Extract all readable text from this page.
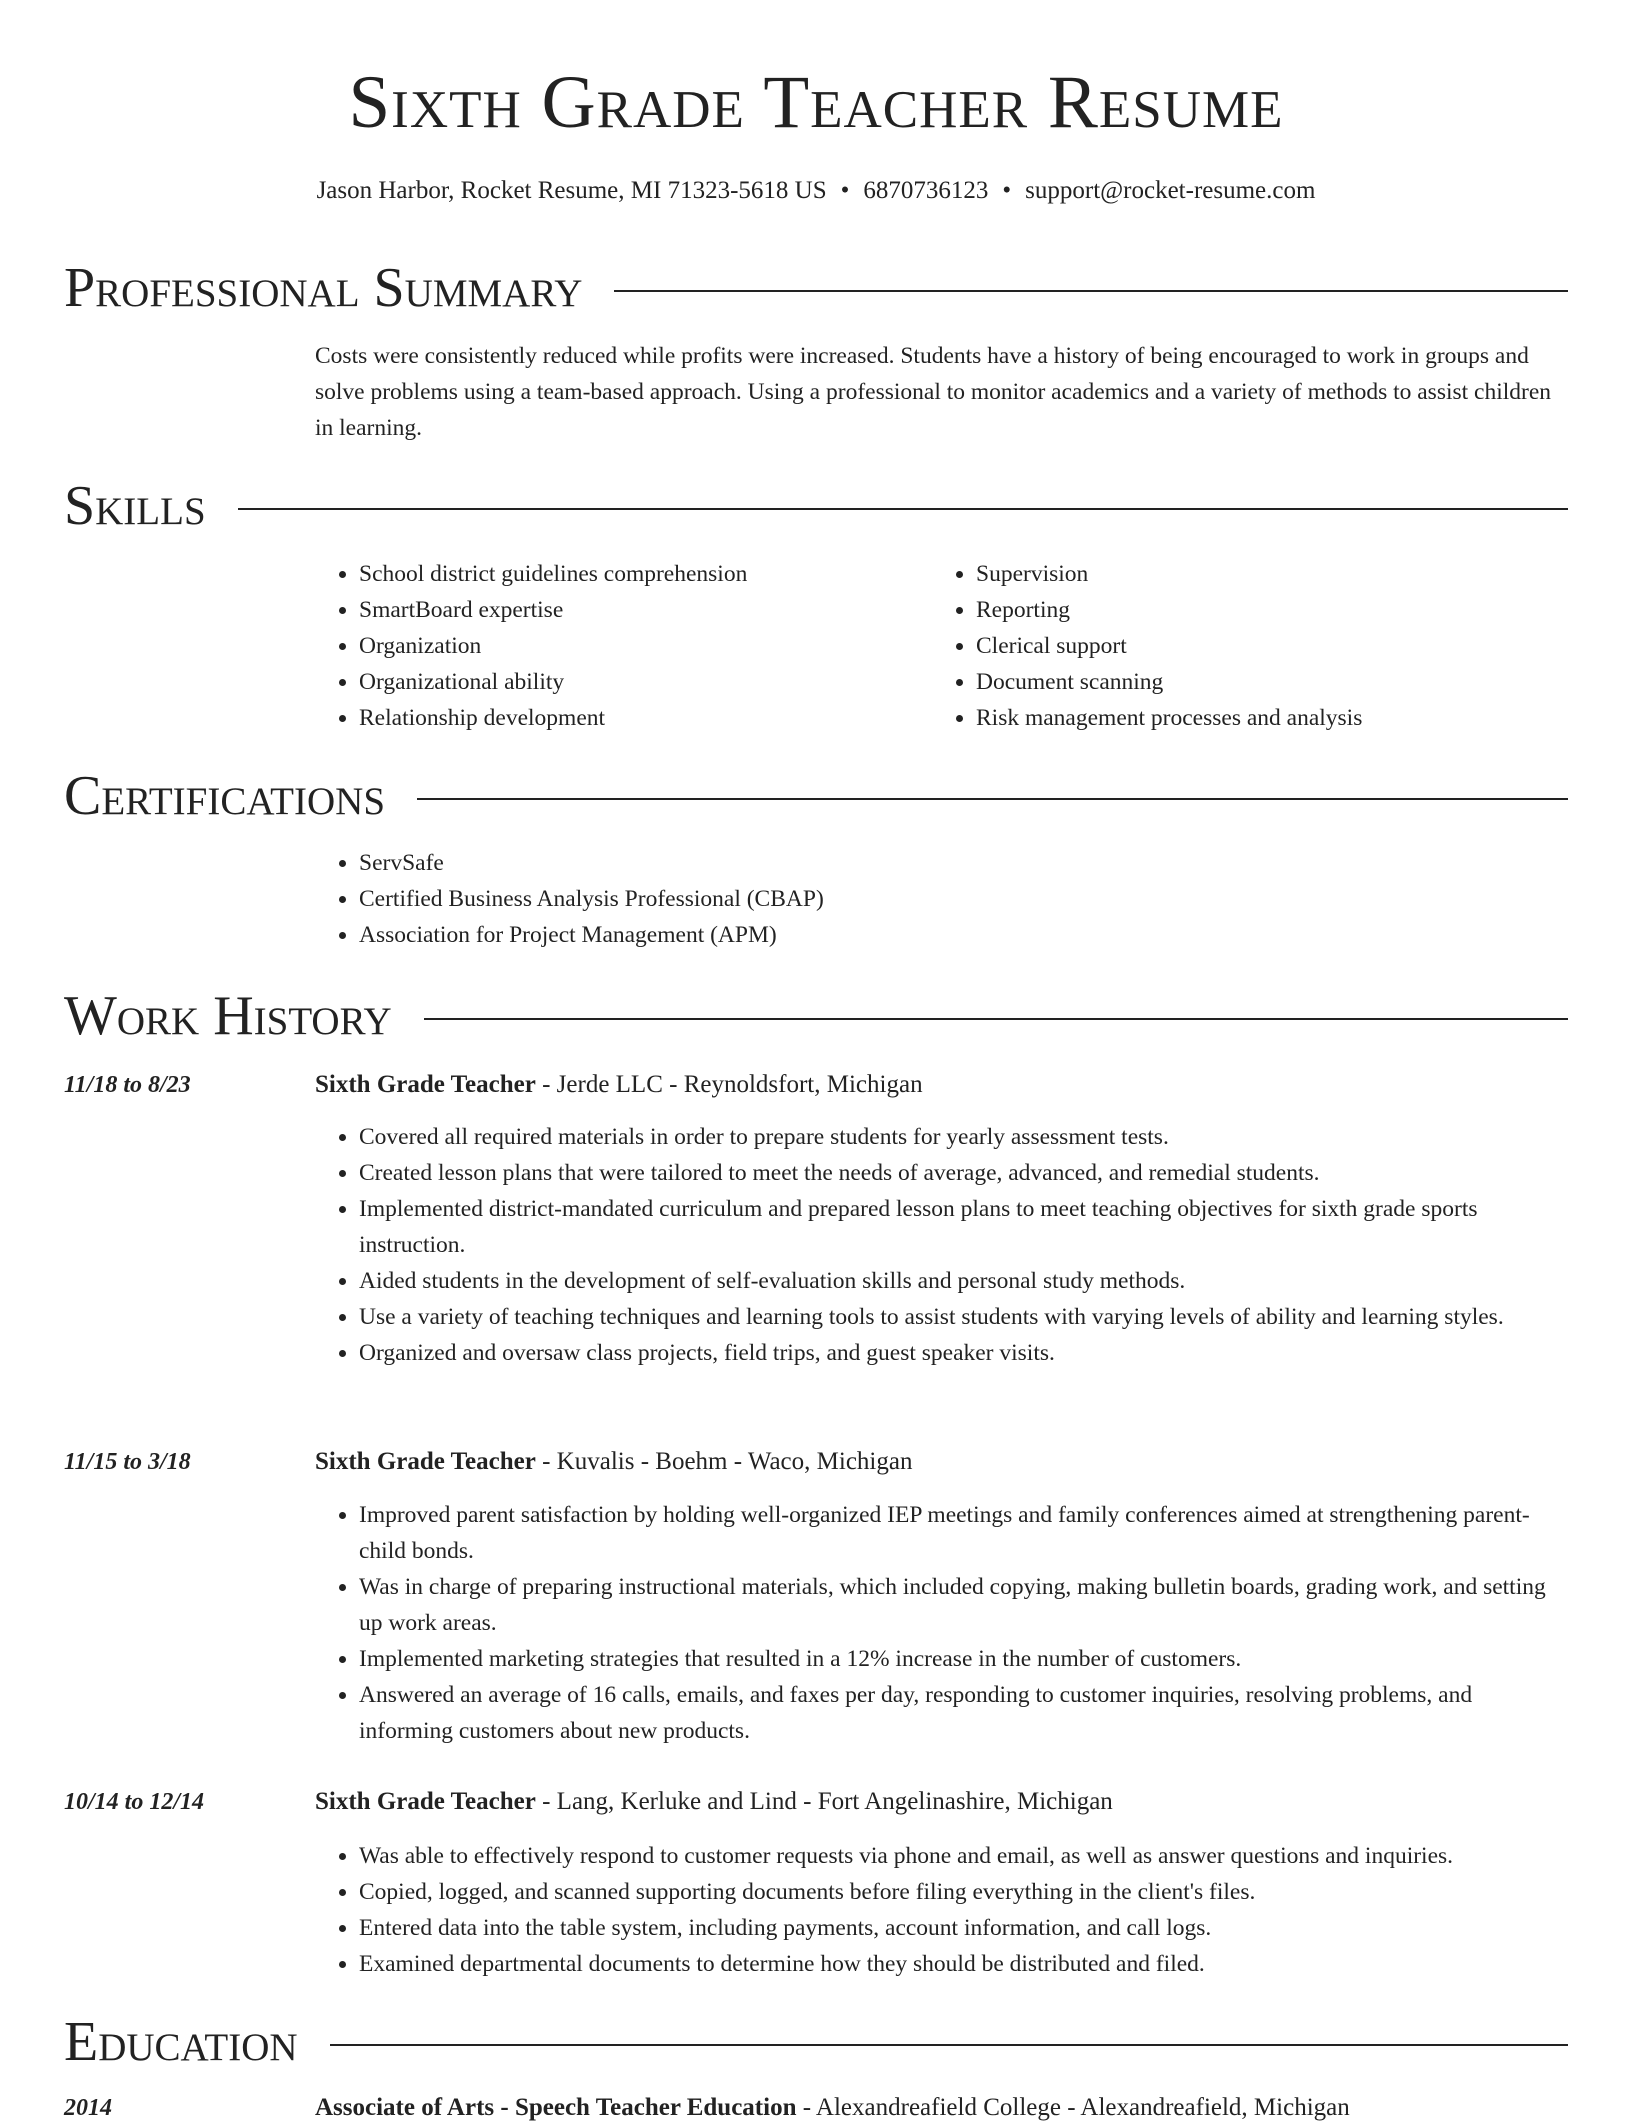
Sixth Grade Teacher Resume
Jason Harbor, Rocket Resume, MI 71323-5618 US • 6870736123 • support@rocket-resume.com
Professional Summary
Costs were consistently reduced while profits were increased. Students have a history of being encouraged to work in groups and solve problems using a team-based approach. Using a professional to monitor academics and a variety of methods to assist children in learning.
Skills
• School district guidelines comprehension
• SmartBoard expertise
• Organization
• Organizational ability
• Relationship development
• Supervision
• Reporting
• Clerical support
• Document scanning
• Risk management processes and analysis
Certifications
• ServSafe
• Certified Business Analysis Professional (CBAP)
• Association for Project Management (APM)
Work History
11/18 to 8/23	Sixth Grade Teacher - Jerde LLC - Reynoldsfort, Michigan
• Covered all required materials in order to prepare students for yearly assessment tests.
• Created lesson plans that were tailored to meet the needs of average, advanced, and remedial students.
• Implemented district-mandated curriculum and prepared lesson plans to meet teaching objectives for sixth grade sports instruction.
• Aided students in the development of self-evaluation skills and personal study methods.
• Use a variety of teaching techniques and learning tools to assist students with varying levels of ability and learning styles.
• Organized and oversaw class projects, field trips, and guest speaker visits.
11/15 to 3/18	Sixth Grade Teacher - Kuvalis - Boehm - Waco, Michigan
• Improved parent satisfaction by holding well-organized IEP meetings and family conferences aimed at strengthening parent-child bonds.
• Was in charge of preparing instructional materials, which included copying, making bulletin boards, grading work, and setting up work areas.
• Implemented marketing strategies that resulted in a 12% increase in the number of customers.
• Answered an average of 16 calls, emails, and faxes per day, responding to customer inquiries, resolving problems, and informing customers about new products.
10/14 to 12/14	Sixth Grade Teacher - Lang, Kerluke and Lind - Fort Angelinashire, Michigan
• Was able to effectively respond to customer requests via phone and email, as well as answer questions and inquiries.
• Copied, logged, and scanned supporting documents before filing everything in the client's files.
• Entered data into the table system, including payments, account information, and call logs.
• Examined departmental documents to determine how they should be distributed and filed.
Education
2014	Associate of Arts - Speech Teacher Education - Alexandreafield College - Alexandreafield, Michigan
